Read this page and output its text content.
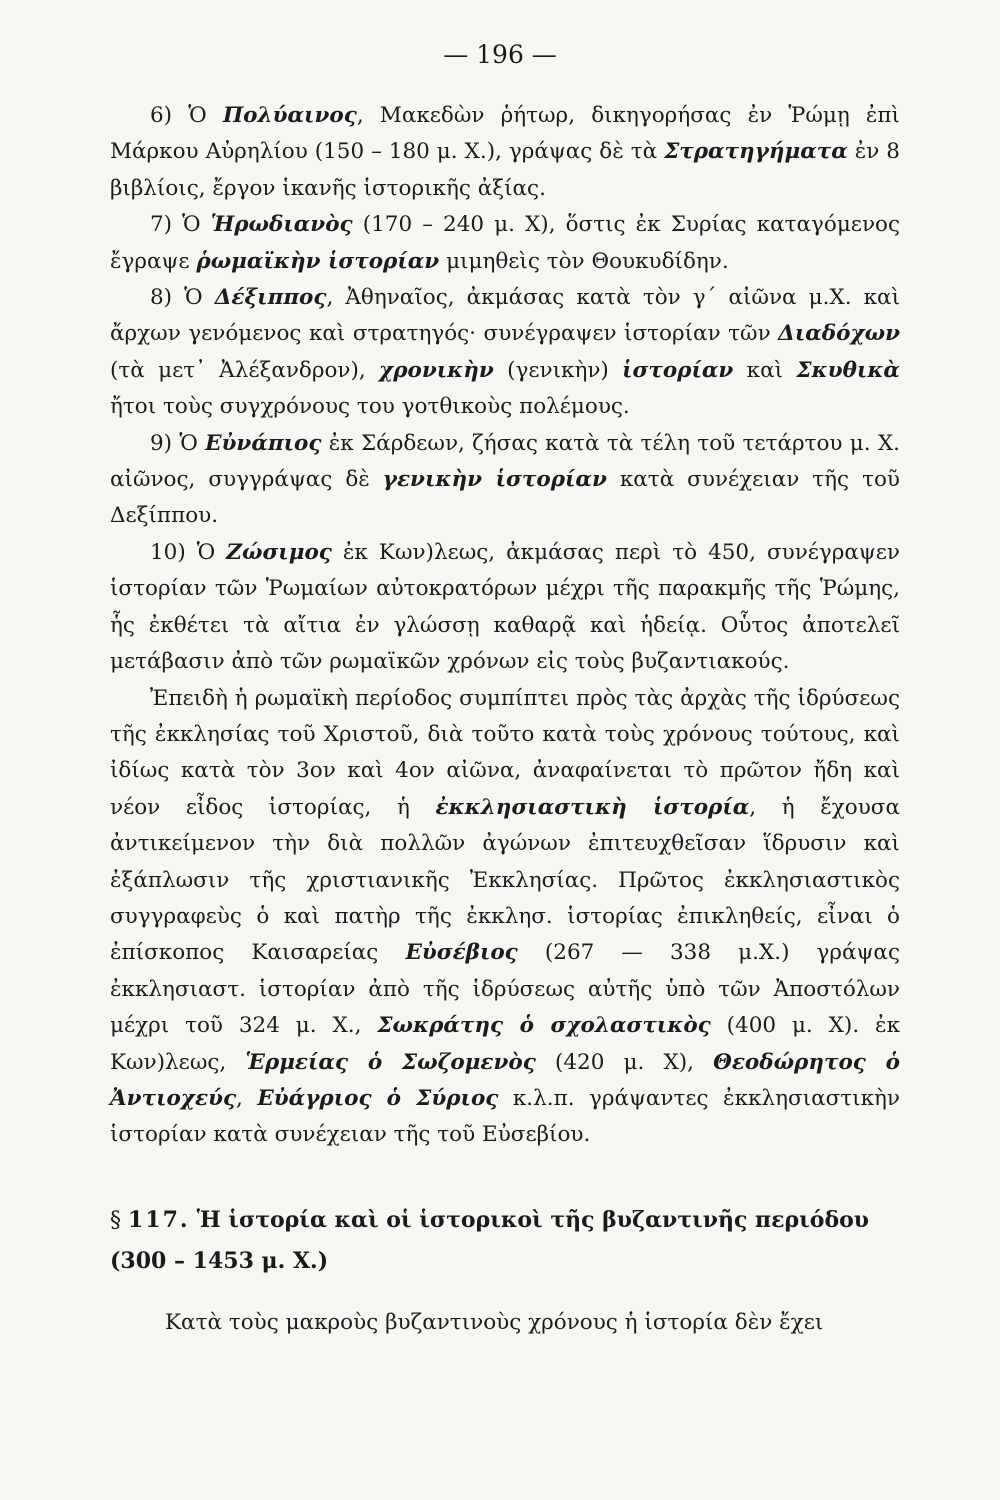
— 196 —

6) Ὁ Πολύαινος, Μακεδὼν ῥήτωρ, δικηγορήσας ἐν Ῥώμῃ ἐπὶ Μάρκου Αὐρηλίου (150 – 180 μ. Χ.), γράψας δὲ τὰ Στρατηγήματα ἐν 8 βιβλίοις, ἔργον ἱκανῆς ἱστορικῆς ἀξίας.

7) Ὁ Ἡρωδιανὸς (170 – 240 μ. Χ), ὅστις ἐκ Συρίας καταγόμενος ἔγραψε ῥωμαϊκὴν ἱστορίαν μιμηθεὶς τὸν Θουκυδίδην.

8) Ὁ Δέξιππος, Ἀθηναῖος, ἀκμάσας κατὰ τὸν γ΄ αἰῶνα μ.Χ. καὶ ἄρχων γενόμενος καὶ στρατηγός· συνέγραψεν ἱστορίαν τῶν Διαδόχων (τὰ μετ᾽ Ἀλέξανδρον), χρονικὴν (γενικὴν) ἱστορίαν καὶ Σκυθικὰ ἤτοι τοὺς συγχρόνους του γοτθικοὺς πολέμους.

9) Ὁ Εὐνάπιος ἐκ Σάρδεων, ζήσας κατὰ τὰ τέλη τοῦ τετάρτου μ. Χ. αἰῶνος, συγγράψας δὲ γενικὴν ἱστορίαν κατὰ συνέχειαν τῆς τοῦ Δεξίππου.

10) Ὁ Ζώσιμος ἐκ Κων)λεως, ἀκμάσας περὶ τὸ 450, συνέγραψεν ἱστορίαν τῶν Ῥωμαίων αὐτοκρατόρων μέχρι τῆς παρακμῆς τῆς Ῥώμης, ἧς ἐκθέτει τὰ αἴτια ἐν γλώσσῃ καθαρᾷ καὶ ἡδείᾳ. Οὗτος ἀποτελεῖ μετάβασιν ἀπὸ τῶν ρωμαϊκῶν χρόνων εἰς τοὺς βυζαντιακούς.

Ἐπειδὴ ἡ ρωμαϊκὴ περίοδος συμπίπτει πρὸς τὰς ἀρχὰς τῆς ἱδρύσεως τῆς ἐκκλησίας τοῦ Χριστοῦ, διὰ τοῦτο κατὰ τοὺς χρόνους τούτους, καὶ ἰδίως κατὰ τὸν 3ον καὶ 4ον αἰῶνα, ἀναφαίνεται τὸ πρῶτον ἤδη καὶ νέον εἶδος ἱστορίας, ἡ ἐκκλησιαστικὴ ἱστορία, ἡ ἔχουσα ἀντικείμενον τὴν διὰ πολλῶν ἀγώνων ἐπιτευχθεῖσαν ἵδρυσιν καὶ ἐξάπλωσιν τῆς χριστιανικῆς Ἐκκλησίας. Πρῶτος ἐκκλησιαστικὸς συγγραφεὺς ὁ καὶ πατὴρ τῆς ἐκκλησ. ἱστορίας ἐπικληθείς, εἶναι ὁ ἐπίσκοπος Καισαρείας Εὐσέβιος (267 — 338 μ.Χ.) γράψας ἐκκλησιαστ. ἱστορίαν ἀπὸ τῆς ἱδρύσεως αὐτῆς ὑπὸ τῶν Ἀποστόλων μέχρι τοῦ 324 μ. Χ., Σωκράτης ὁ σχολαστικὸς (400 μ. Χ). ἐκ Κων)λεως, Ἑρμείας ὁ Σωζομενὸς (420 μ. Χ), Θεοδώρητος ὁ Ἀντιοχεύς, Εὐάγριος ὁ Σύριος κ.λ.π. γράψαντες ἐκκλησιαστικὴν ἱστορίαν κατὰ συνέχειαν τῆς τοῦ Εὐσεβίου.

§ 117. Ἡ ἱστορία καὶ οἱ ἱστορικοὶ τῆς βυζαντινῆς περιόδου (300 – 1453 μ. Χ.)
Κατὰ τοὺς μακροὺς βυζαντινοὺς χρόνους ἡ ἱστορία δὲν ἔχει
